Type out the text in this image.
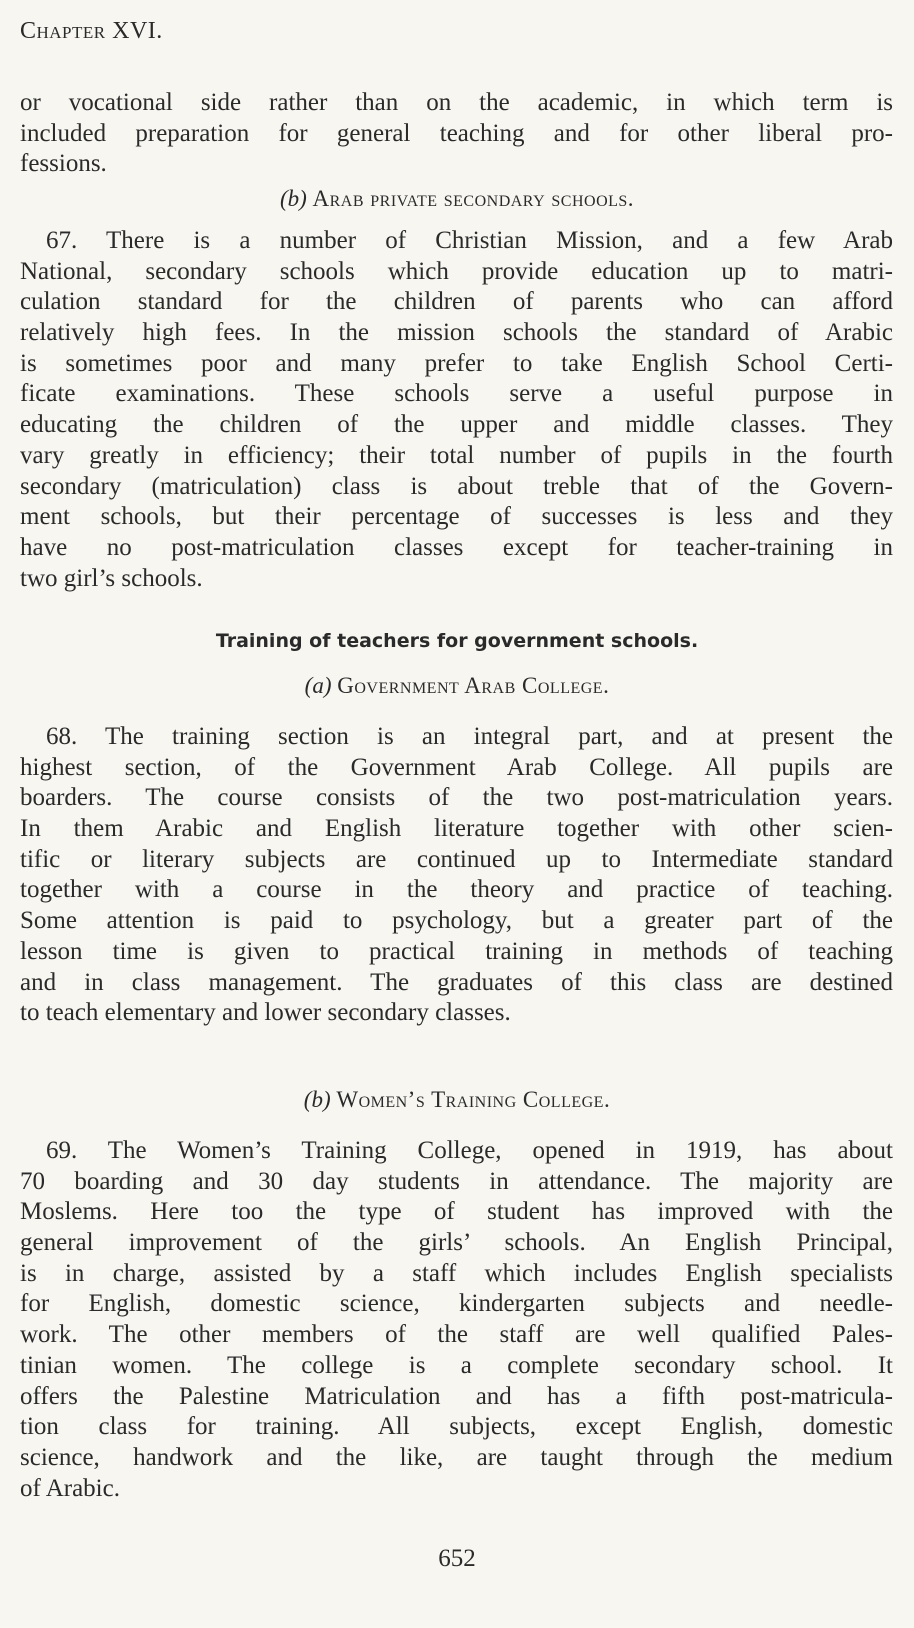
Chapter XVI.
or vocational side rather than on the academic, in which term is
included preparation for general teaching and for other liberal pro-
fessions.
(b) Arab private secondary schools.
67. There is a number of Christian Mission, and a few Arab
National, secondary schools which provide education up to matri-
culation standard for the children of parents who can afford
relatively high fees. In the mission schools the standard of Arabic
is sometimes poor and many prefer to take English School Certi-
ficate examinations. These schools serve a useful purpose in
educating the children of the upper and middle classes. They
vary greatly in efficiency; their total number of pupils in the fourth
secondary (matriculation) class is about treble that of the Govern-
ment schools, but their percentage of successes is less and they
have no post-matriculation classes except for teacher-training in
two girl’s schools.
Training of teachers for government schools.
(a) Government Arab College.
68. The training section is an integral part, and at present the
highest section, of the Government Arab College. All pupils are
boarders. The course consists of the two post-matriculation years.
In them Arabic and English literature together with other scien-
tific or literary subjects are continued up to Intermediate standard
together with a course in the theory and practice of teaching.
Some attention is paid to psychology, but a greater part of the
lesson time is given to practical training in methods of teaching
and in class management. The graduates of this class are destined
to teach elementary and lower secondary classes.
(b) Women’s Training College.
69. The Women’s Training College, opened in 1919, has about
70 boarding and 30 day students in attendance. The majority are
Moslems. Here too the type of student has improved with the
general improvement of the girls’ schools. An English Principal,
is in charge, assisted by a staff which includes English specialists
for English, domestic science, kindergarten subjects and needle-
work. The other members of the staff are well qualified Pales-
tinian women. The college is a complete secondary school. It
offers the Palestine Matriculation and has a fifth post-matricula-
tion class for training. All subjects, except English, domestic
science, handwork and the like, are taught through the medium
of Arabic.
652
